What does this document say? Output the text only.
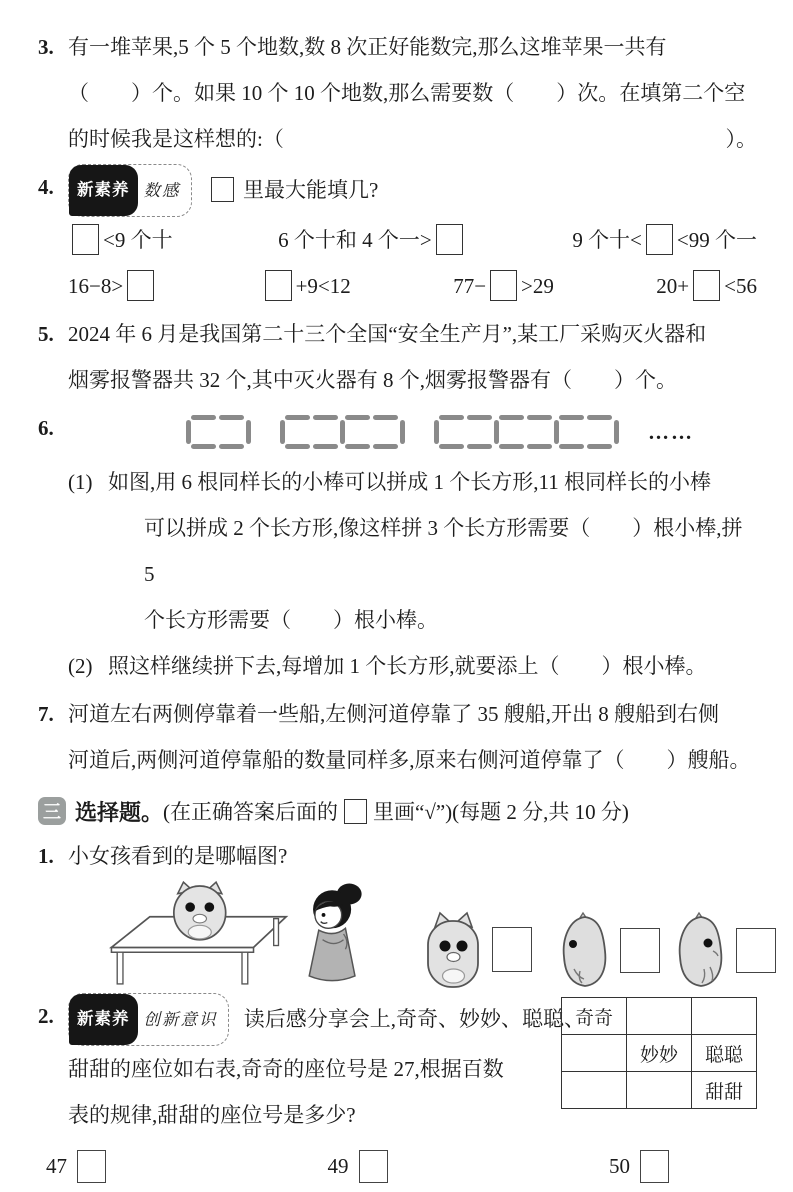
3. 有一堆苹果,5 个 5 个地数,数 8 次正好能数完,那么这堆苹果一共有
（　　）个。如果 10 个 10 个地数,那么需要数（　　）次。在填第二个空
的时候我是这样想的:（	）。
4.	新素养 数感	里最大能填几?
<9 个十	6 个十和 4 个一>	9 个十< <99 个一
16−8>	+9<12	77− >29	20+ <56
5. 2024 年 6 月是我国第二十三个全国“安全生产月”,某工厂采购灭火器和
烟雾报警器共 32 个,其中灭火器有 8 个,烟雾报警器有（　　）个。
6.	……
(1) 如图,用 6 根同样长的小棒可以拼成 1 个长方形,11 根同样长的小棒
可以拼成 2 个长方形,像这样拼 3 个长方形需要（　　）根小棒,拼 5
个长方形需要（　　）根小棒。
(2) 照这样继续拼下去,每增加 1 个长方形,就要添上（　　）根小棒。
7. 河道左右两侧停靠着一些船,左侧河道停靠了 35 艘船,开出 8 艘船到右侧
河道后,两侧河道停靠船的数量同样多,原来右侧河道停靠了（　　）艘船。
三 选择题。 (在正确答案后面的 里画“√”)(每题 2 分,共 10 分)
1. 小女孩看到的是哪幅图?
2.	奇奇		
	妙妙	聪聪
		甜甜
新素养 创新意识 读后感分享会上,奇奇、妙妙、聪聪、
甜甜的座位如右表,奇奇的座位号是 27,根据百数
表的规律,甜甜的座位号是多少?
47	49	50
